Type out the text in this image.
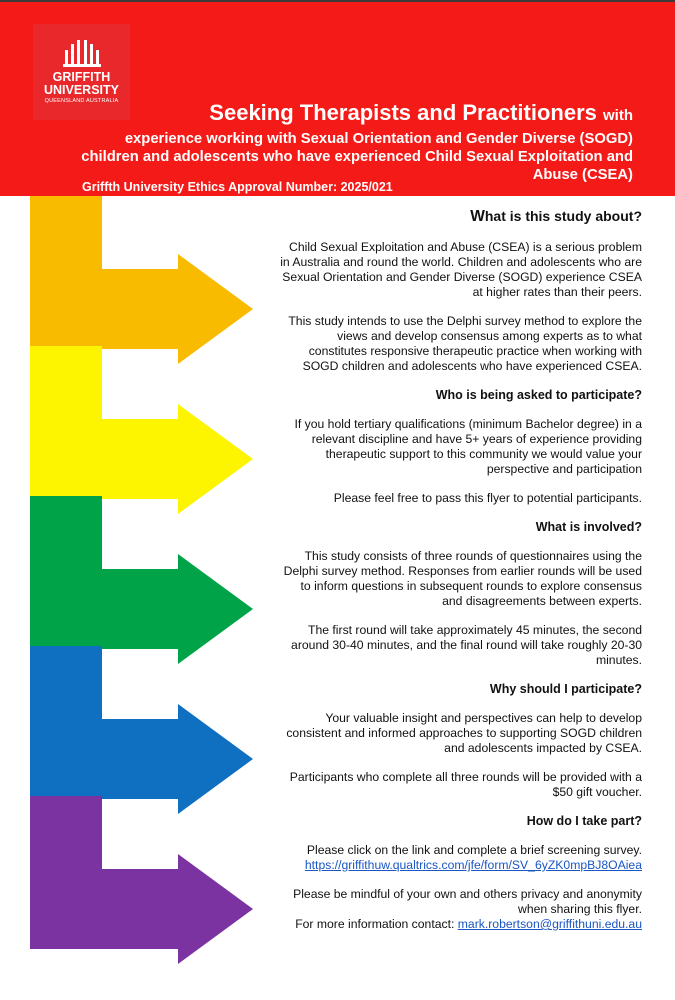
GRIFFITH
UNIVERSITY
QUEENSLAND AUSTRALIA	Seeking Therapists and Practitioners with
experience working with Sexual Orientation and Gender Diverse (SOGD) children and adolescents who have experienced Child Sexual Exploitation and Abuse (CSEA)
Griffth University Ethics Approval Number: 2025/021
What is this study about?

Child Sexual Exploitation and Abuse (CSEA) is a serious problem in Australia and round the world. Children and adolescents who are Sexual Orientation and Gender Diverse (SOGD) experience CSEA at higher rates than their peers.

This study intends to use the Delphi survey method to explore the views and develop consensus among experts as to what constitutes responsive therapeutic practice when working with SOGD children and adolescents who have experienced CSEA.

Who is being asked to participate?

If you hold tertiary qualifications (minimum Bachelor degree) in a relevant discipline and have 5+ years of experience providing therapeutic support to this community we would value your perspective and participation

Please feel free to pass this flyer to potential participants.

What is involved?

This study consists of three rounds of questionnaires using the Delphi survey method. Responses from earlier rounds will be used to inform questions in subsequent rounds to explore consensus and disagreements between experts.

The first round will take approximately 45 minutes, the second around 30-40 minutes, and the final round will take roughly 20-30 minutes.

Why should I participate?

Your valuable insight and perspectives can help to develop consistent and informed approaches to supporting SOGD children and adolescents impacted by CSEA.

Participants who complete all three rounds will be provided with a $50 gift voucher.

How do I take part?

Please click on the link and complete a brief screening survey.
https://griffithuw.qualtrics.com/jfe/form/SV_6yZK0mpBJ8OAiea

Please be mindful of your own and others privacy and anonymity when sharing this flyer.
For more information contact: mark.robertson@griffithuni.edu.au
